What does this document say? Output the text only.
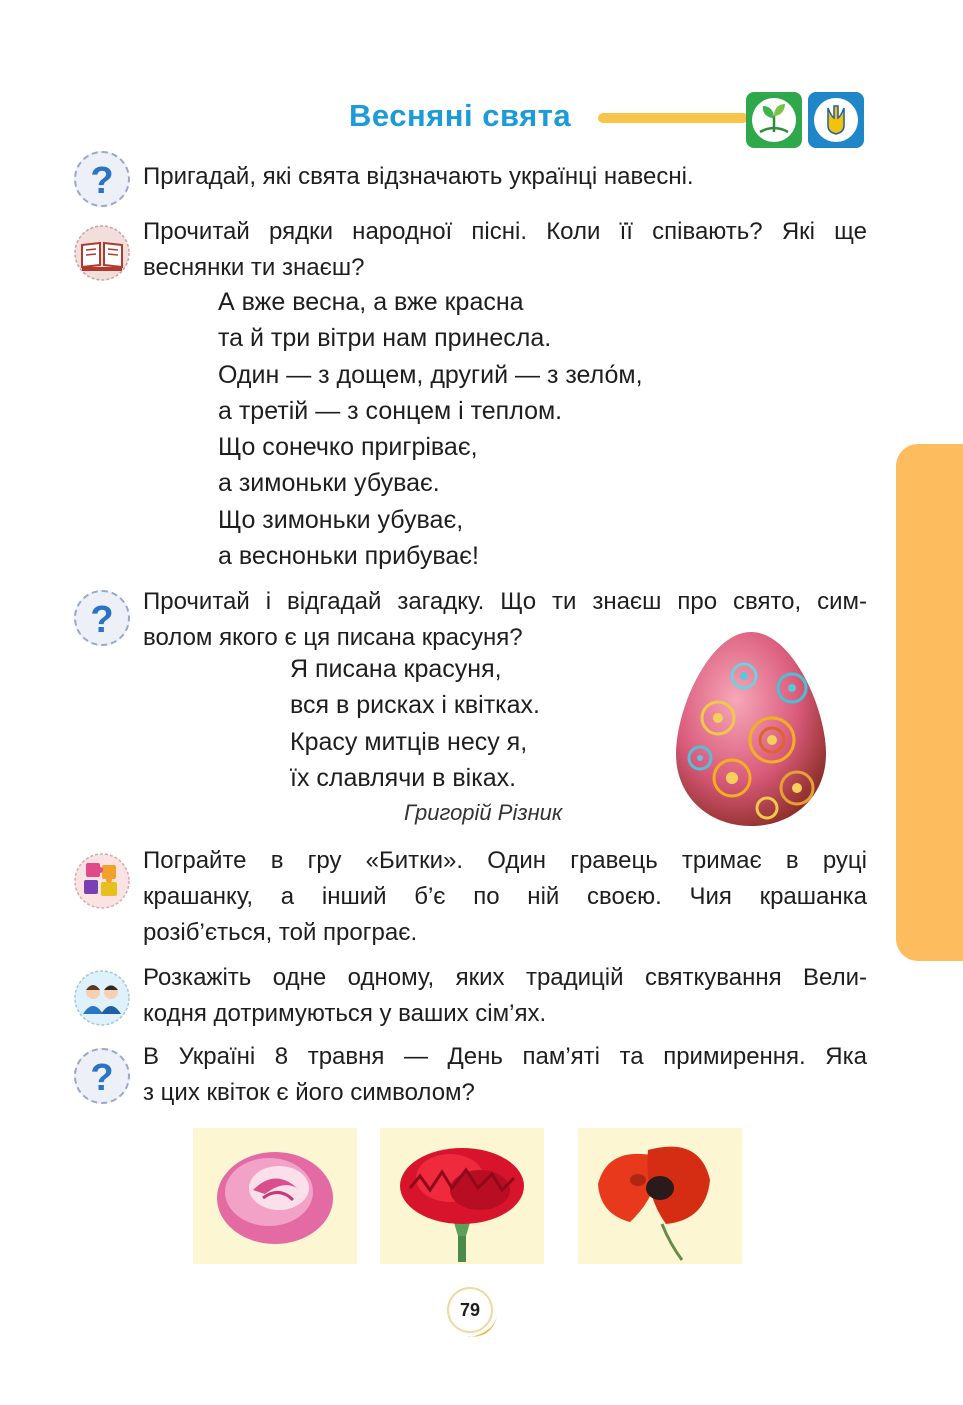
Весняні свята
? Пригадай, які свята відзначають українці навесні.
Прочитай рядки народної пісні. Коли її співають? Які ще
веснянки ти знаєш?
А вже весна, а вже красна
та й три вітри нам принесла.
Один — з дощем, другий — з зело́м,
а третій — з сонцем і теплом.
Що сонечко пригріває,
а зимоньки убуває.
Що зимоньки убуває,
а весноньки прибуває!
? Прочитай і відгадай загадку. Що ти знаєш про свято, сим-
волом якого є ця писана красуня?
Я писана красуня,
вся в рисках і квітках.
Красу митців несу я,
їх славлячи в віках.
Григорій Різник
Пограйте в гру «Битки». Один гравець тримає в руці
крашанку, а інший б’є по ній своєю. Чия крашанка
розіб’ється, той програє.
Розкажіть одне одному, яких традицій святкування Вели-
кодня дотримуються у ваших сім’ях.
?
В Україні 8 травня — День пам’яті та примирення. Яка
з цих квіток є його символом?
79
